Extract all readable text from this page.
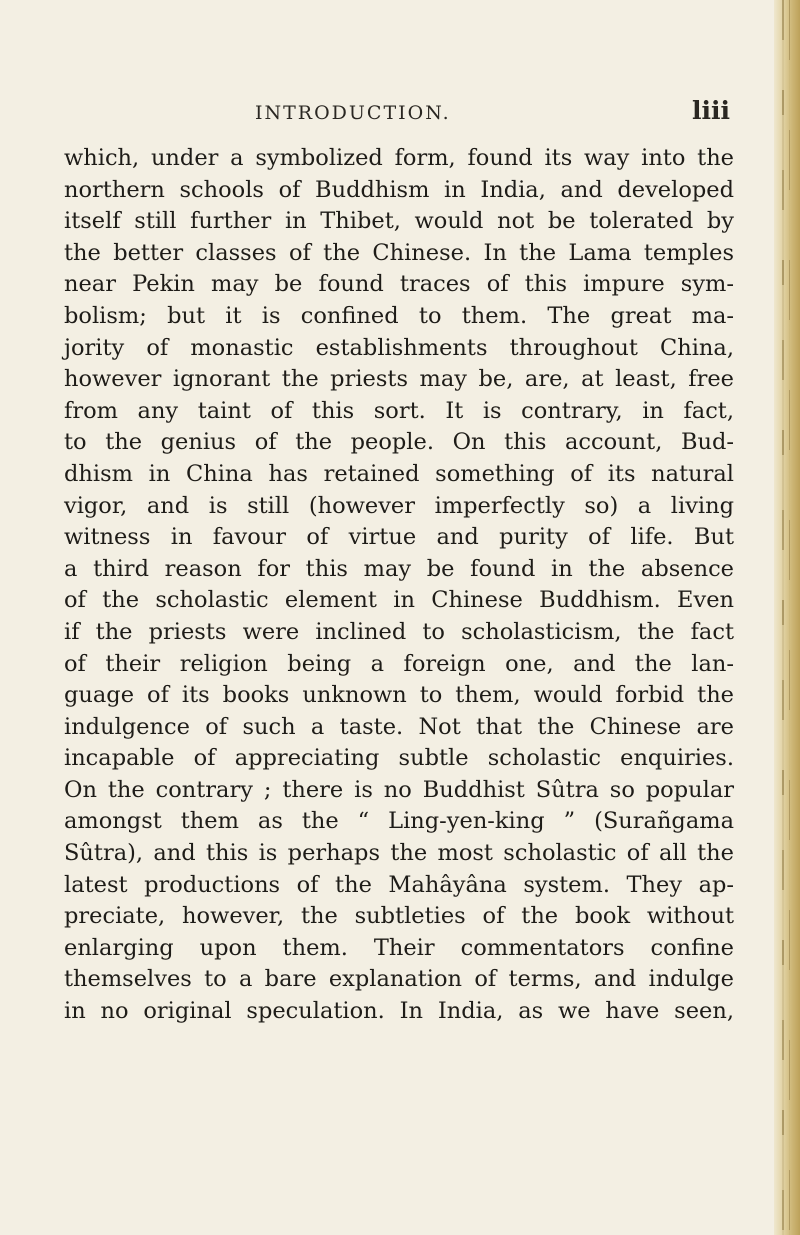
INTRODUCTION.	liii
which, under a symbolized form, found its way into the
northern schools of Buddhism in India, and developed
itself still further in Thibet, would not be tolerated by
the better classes of the Chinese. In the Lama temples
near Pekin may be found traces of this impure sym-
bolism; but it is confined to them. The great ma-
jority of monastic establishments throughout China,
however ignorant the priests may be, are, at least, free
from any taint of this sort. It is contrary, in fact,
to the genius of the people. On this account, Bud-
dhism in China has retained something of its natural
vigor, and is still (however imperfectly so) a living
witness in favour of virtue and purity of life. But
a third reason for this may be found in the absence
of the scholastic element in Chinese Buddhism. Even
if the priests were inclined to scholasticism, the fact
of their religion being a foreign one, and the lan-
guage of its books unknown to them, would forbid the
indulgence of such a taste. Not that the Chinese are
incapable of appreciating subtle scholastic enquiries.
On the contrary ; there is no Buddhist Sûtra so popular
amongst them as the “ Ling-yen-king ” (Surañgama
Sûtra), and this is perhaps the most scholastic of all the
latest productions of the Mahâyâna system. They ap-
preciate, however, the subtleties of the book without
enlarging upon them. Their commentators confine
themselves to a bare explanation of terms, and indulge
in no original speculation. In India, as we have seen,
